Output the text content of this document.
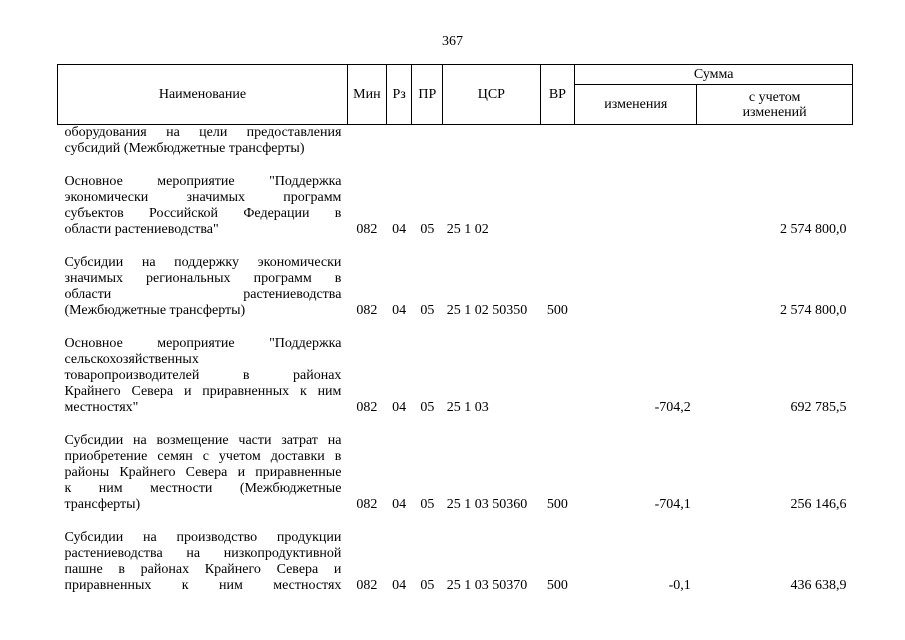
367
Наименование	Мин	Рз	ПР	ЦСР	ВР	Сумма	
						изменения	с учетом
изменений

оборудования на цели предоставления
субсидий (Межбюджетные трансферты)							

Основное мероприятие "Поддержка
экономически значимых программ
субъектов Российской Федерации в
области растениеводства"	082	04	05	25 1 02			2 574 800,0

Субсидии на поддержку экономически
значимых региональных программ в
области растениеводства
(Межбюджетные трансферты)	082	04	05	25 1 02 50350	500		2 574 800,0

Основное мероприятие "Поддержка
сельскохозяйственных
товаропроизводителей в районах
Крайнего Севера и приравненных к ним
местностях"	082	04	05	25 1 03		-704,2	692 785,5

Субсидии на возмещение части затрат на
приобретение семян с учетом доставки в
районы Крайнего Севера и приравненные
к ним местности (Межбюджетные
трансферты)	082	04	05	25 1 03 50360	500	-704,1	256 146,6

Субсидии на производство продукции
растениеводства на низкопродуктивной
пашне в районах Крайнего Севера и
приравненных к ним местностях	082	04	05	25 1 03 50370	500	-0,1	436 638,9
